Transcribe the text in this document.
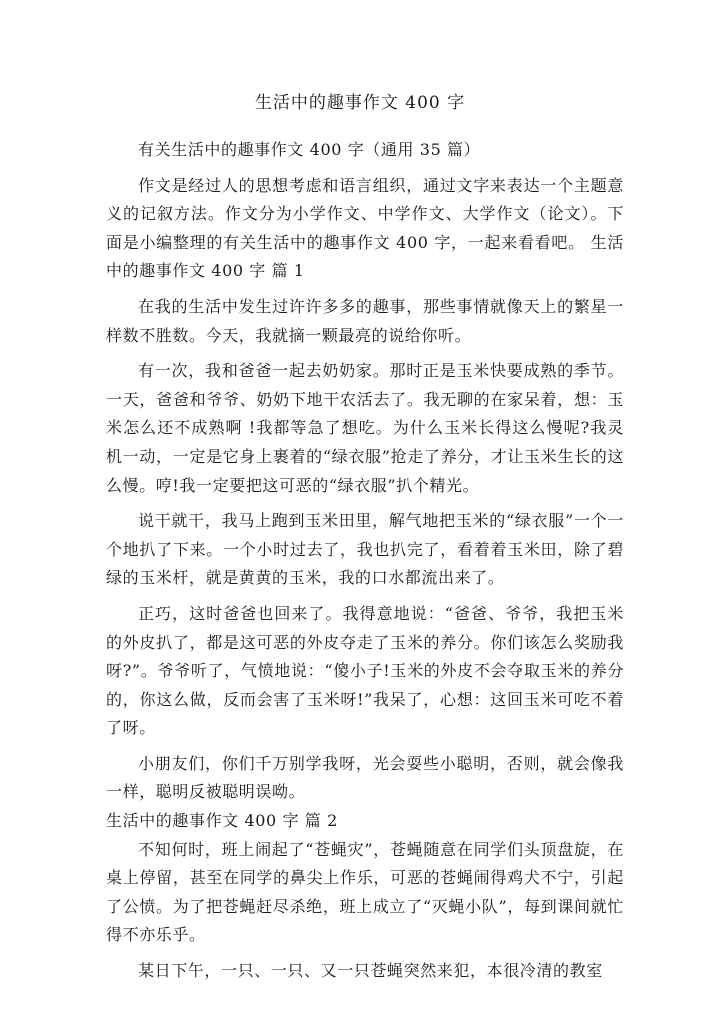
生活中的趣事作文 400 字

有关生活中的趣事作文 400 字（通用 35 篇）

作文是经过人的思想考虑和语言组织，通过文字来表达一个主题意义的记叙方法。作文分为小学作文、中学作文、大学作文（论文）。下面是小编整理的有关生活中的趣事作文 400 字，一起来看看吧。 生活中的趣事作文 400 字 篇 1

在我的生活中发生过许许多多的趣事，那些事情就像天上的繁星一样数不胜数。今天，我就摘一颗最亮的说给你听。

有一次，我和爸爸一起去奶奶家。那时正是玉米快要成熟的季节。一天，爸爸和爷爷、奶奶下地干农活去了。我无聊的在家呆着，想：玉米怎么还不成熟啊 !我都等急了想吃。为什么玉米长得这么慢呢?我灵机一动，一定是它身上裹着的“绿衣服”抢走了养分，才让玉米生长的这么慢。哼!我一定要把这可恶的“绿衣服”扒个精光。

说干就干，我马上跑到玉米田里，解气地把玉米的“绿衣服”一个一个地扒了下来。一个小时过去了，我也扒完了，看着着玉米田，除了碧绿的玉米杆，就是黄黄的玉米，我的口水都流出来了。

正巧，这时爸爸也回来了。我得意地说：“爸爸、爷爷，我把玉米的外皮扒了，都是这可恶的外皮夺走了玉米的养分。你们该怎么奖励我呀?”。爷爷听了，气愤地说：“傻小子!玉米的外皮不会夺取玉米的养分的，你这么做，反而会害了玉米呀!”我呆了，心想：这回玉米可吃不着了呀。

小朋友们，你们千万别学我呀，光会耍些小聪明，否则，就会像我一样，聪明反被聪明误呦。

生活中的趣事作文 400 字 篇 2

不知何时，班上闹起了“苍蝇灾”，苍蝇随意在同学们头顶盘旋，在桌上停留，甚至在同学的鼻尖上作乐，可恶的苍蝇闹得鸡犬不宁，引起了公愤。为了把苍蝇赶尽杀绝，班上成立了“灭蝇小队”，每到课间就忙得不亦乐乎。

某日下午，一只、一只、又一只苍蝇突然来犯，本很冷清的教室
